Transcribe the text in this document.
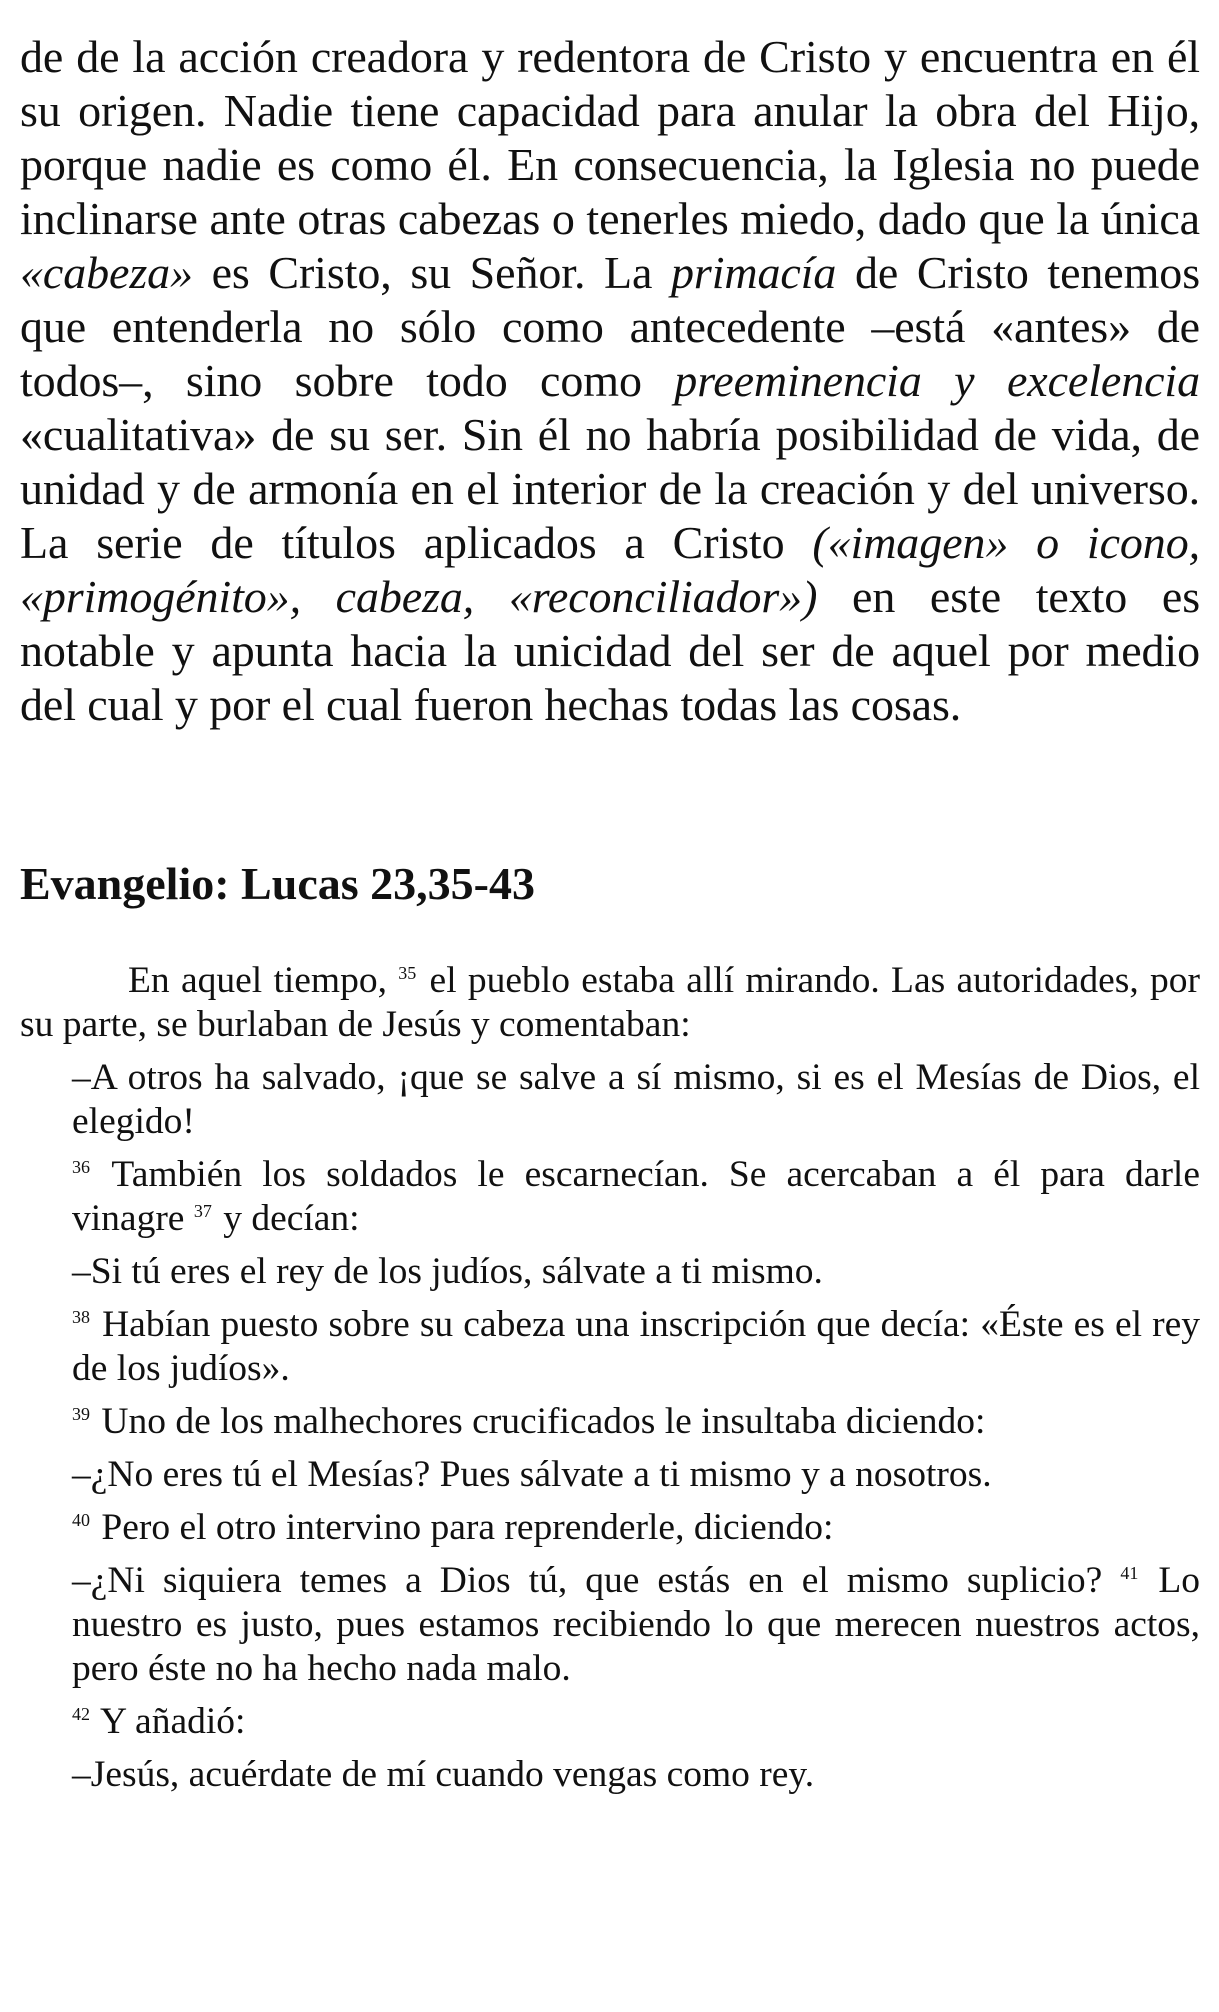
de de la acción creadora y redentora de Cristo y encuentra en él su origen. Nadie tiene capacidad para anular la obra del Hijo, porque nadie es como él. En consecuencia, la Iglesia no puede inclinarse ante otras cabezas o tenerles miedo, dado que la única «cabeza» es Cristo, su Señor. La primacía de Cristo tenemos que entenderla no sólo como antecedente –está «antes» de todos–, sino sobre todo como preeminencia y excelencia «cualitativa» de su ser. Sin él no habría posibilidad de vida, de unidad y de armonía en el interior de la creación y del universo. La serie de títulos aplicados a Cristo («imagen» o icono, «primogénito», cabeza, «reconciliador») en este texto es notable y apunta hacia la unicidad del ser de aquel por medio del cual y por el cual fueron hechas todas las cosas.

Evangelio: Lucas 23,35-43

En aquel tiempo, $^{35}$ el pueblo estaba allí mirando. Las autoridades, por su parte, se burlaban de Jesús y comentaban:

–A otros ha salvado, ¡que se salve a sí mismo, si es el Mesías de Dios, el elegido!

$^{36}$ También los soldados le escarnecían. Se acercaban a él para darle vinagre $^{37}$ y decían:

–Si tú eres el rey de los judíos, sálvate a ti mismo.

$^{38}$ Habían puesto sobre su cabeza una inscripción que decía: «Éste es el rey de los judíos».

$^{39}$ Uno de los malhechores crucificados le insultaba diciendo:

–¿No eres tú el Mesías? Pues sálvate a ti mismo y a nosotros.

$^{40}$ Pero el otro intervino para reprenderle, diciendo:

–¿Ni siquiera temes a Dios tú, que estás en el mismo suplicio? $^{41}$ Lo nuestro es justo, pues estamos recibiendo lo que merecen nuestros actos, pero éste no ha hecho nada malo.

$^{42}$ Y añadió:

–Jesús, acuérdate de mí cuando vengas como rey.
